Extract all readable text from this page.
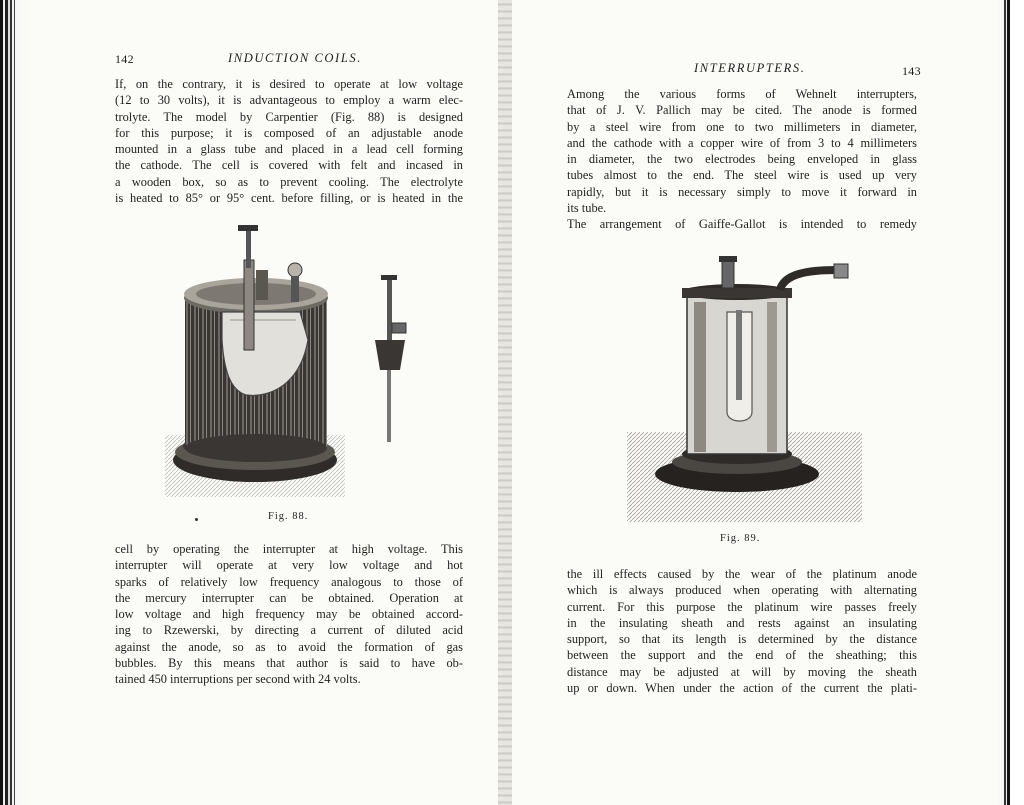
142	INDUCTION COILS.
If, on the contrary, it is desired to operate at low voltage
(12 to 30 volts), it is advantageous to employ a warm elec-
trolyte. The model by Carpentier (Fig. 88) is designed
for this purpose; it is composed of an adjustable anode
mounted in a glass tube and placed in a lead cell forming
the cathode. The cell is covered with felt and incased in
a wooden box, so as to prevent cooling. The electrolyte
is heated to 85° or 95° cent. before filling, or is heated in the
Fig. 88.
cell by operating the interrupter at high voltage. This
interrupter will operate at very low voltage and hot
sparks of relatively low frequency analogous to those of
the mercury interrupter can be obtained. Operation at
low voltage and high frequency may be obtained accord-
ing to Rzewerski, by directing a current of diluted acid
against the anode, so as to avoid the formation of gas
bubbles. By this means that author is said to have ob-
tained 450 interruptions per second with 24 volts.
INTERRUPTERS.	143
Among the various forms of Wehnelt interrupters,
that of J. V. Pallich may be cited. The anode is formed
by a steel wire from one to two millimeters in diameter,
and the cathode with a copper wire of from 3 to 4 millimeters
in diameter, the two electrodes being enveloped in glass
tubes almost to the end. The steel wire is used up very
rapidly, but it is necessary simply to move it forward in
its tube.
The arrangement of Gaiffe-Gallot is intended to remedy
Fig. 89.
the ill effects caused by the wear of the platinum anode
which is always produced when operating with alternating
current. For this purpose the platinum wire passes freely
in the insulating sheath and rests against an insulating
support, so that its length is determined by the distance
between the support and the end of the sheathing; this
distance may be adjusted at will by moving the sheath
up or down. When under the action of the current the plati-
